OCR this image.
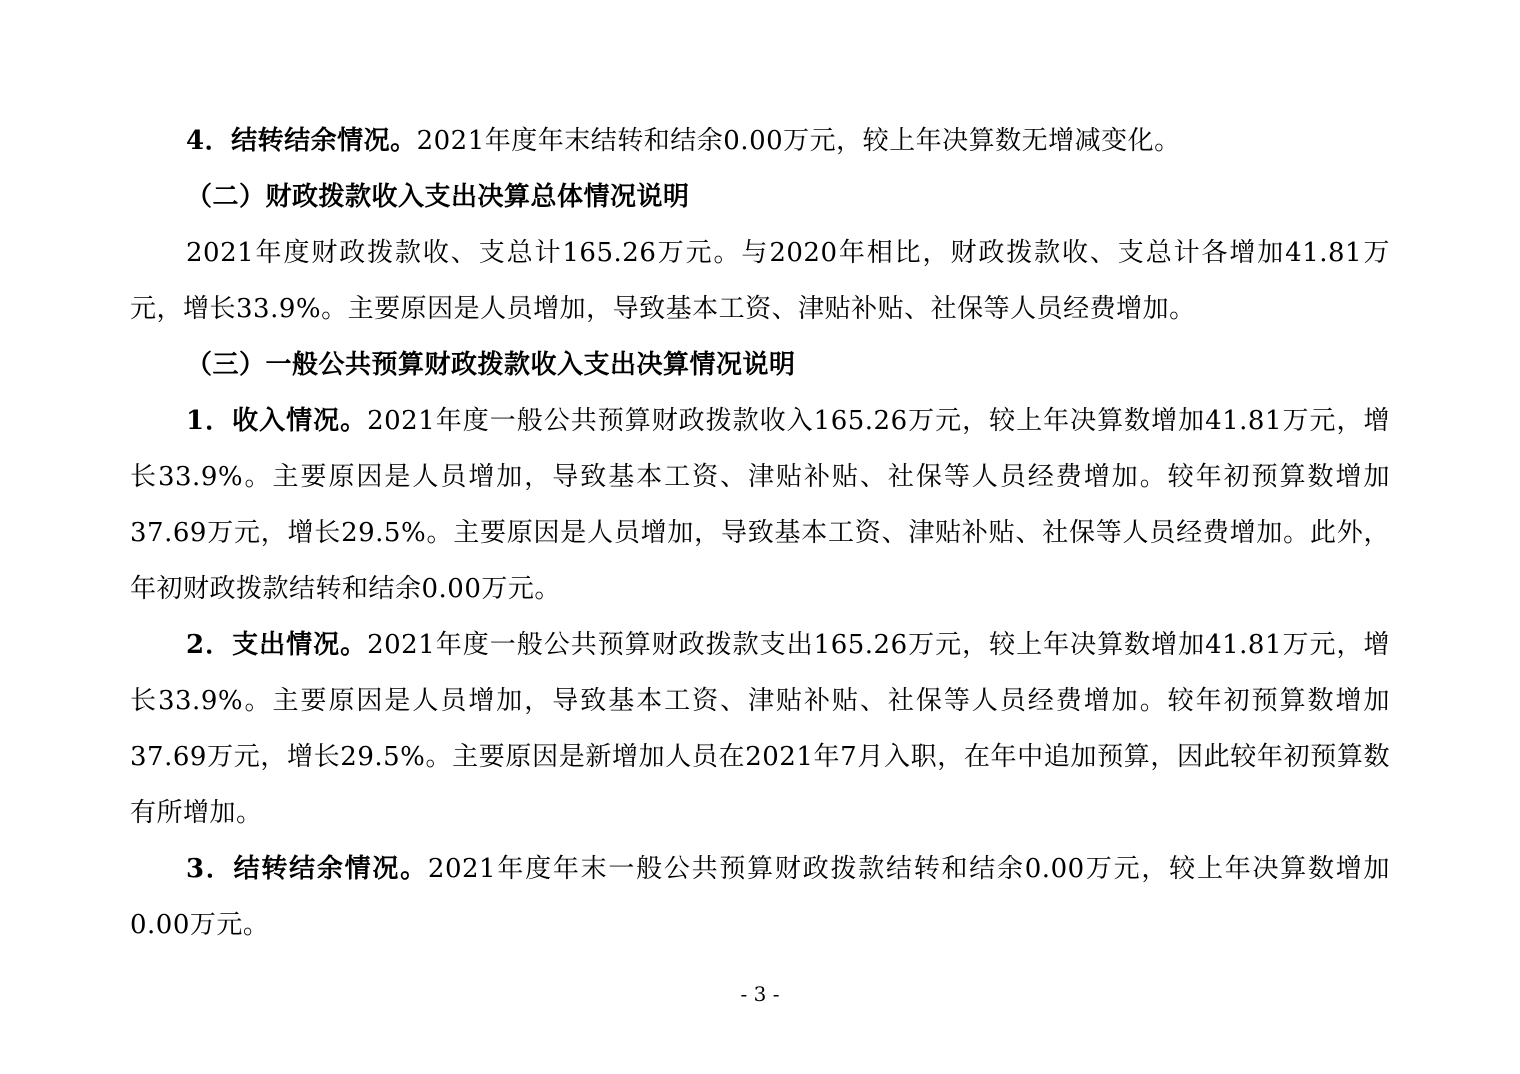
4．结转结余情况。2021年度年末结转和结余0.00万元，较上年决算数无增减变化。

（二）财政拨款收入支出决算总体情况说明

2021年度财政拨款收、支总计165.26万元。与2020年相比，财政拨款收、支总计各增加41.81万元，增长33.9%。主要原因是人员增加，导致基本工资、津贴补贴、社保等人员经费增加。

（三）一般公共预算财政拨款收入支出决算情况说明

1．收入情况。2021年度一般公共预算财政拨款收入165.26万元，较上年决算数增加41.81万元，增长33.9%。主要原因是人员增加，导致基本工资、津贴补贴、社保等人员经费增加。较年初预算数增加37.69万元，增长29.5%。主要原因是人员增加，导致基本工资、津贴补贴、社保等人员经费增加。此外，年初财政拨款结转和结余0.00万元。

2．支出情况。2021年度一般公共预算财政拨款支出165.26万元，较上年决算数增加41.81万元，增长33.9%。主要原因是人员增加，导致基本工资、津贴补贴、社保等人员经费增加。较年初预算数增加37.69万元，增长29.5%。主要原因是新增加人员在2021年7月入职，在年中追加预算，因此较年初预算数有所增加。

3．结转结余情况。2021年度年末一般公共预算财政拨款结转和结余0.00万元，较上年决算数增加0.00万元。

- 3 -
